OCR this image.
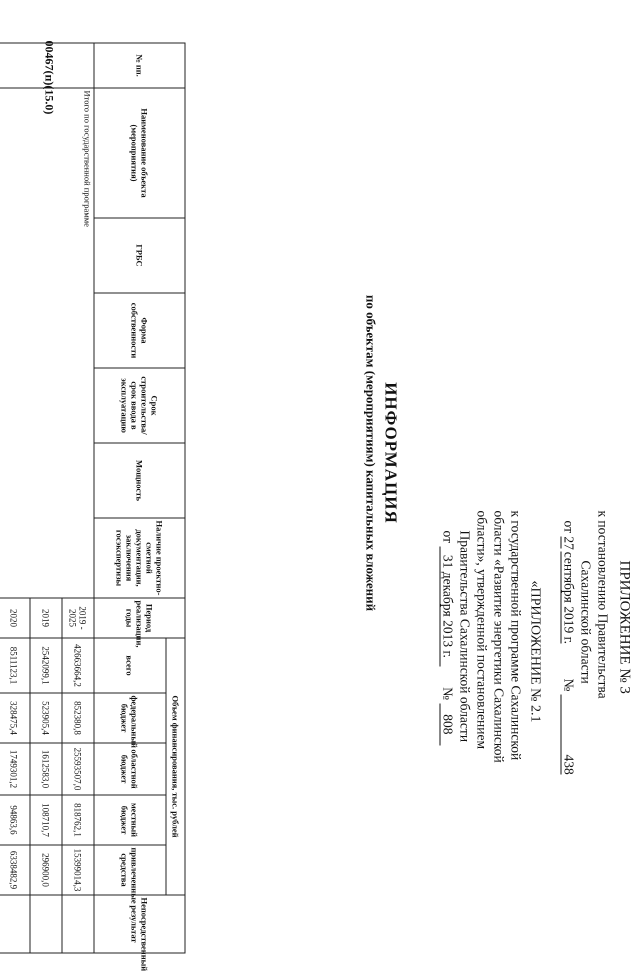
ПРИЛОЖЕНИЕ № 3
к постановлению Правительства
Сахалинской области
от 27 сентября 2019 г.  № 438
«ПРИЛОЖЕНИЕ № 2.1
к государственной программе Сахалинской
области «Развитие энергетики Сахалинской
области», утвержденной постановлением
Правительства Сахалинской области
от 31 декабря 2013 г.  № 808
ИНФОРМАЦИЯ
по объектам (мероприятиям) капитальных вложений
№ пп.	Наименование объекта (мероприятия)	ГРБС	Форма собственности	Срок строительства/ срок ввода в эксплуатацию	Мощность	Наличие проектно-сметной документации, заключения госэкспертизы	Период реализации, годы	Объем финансирования, тыс. рублей					Непосредственный результат
								всего	федеральный бюджет	областной бюджет	местный бюджет	привлеченные средства	
	Итого по государственной программе						2019 - 2025	42663664,2	852380,8	25593507,0	818762,1	15399014,3	
							2019	2542099,1	523905,4	1612583,0	108710,7	296900,0	
							2020	8511123,1	328475,4	1749301,2	94863,6	6338482,9	
00467(п)(15.0)
